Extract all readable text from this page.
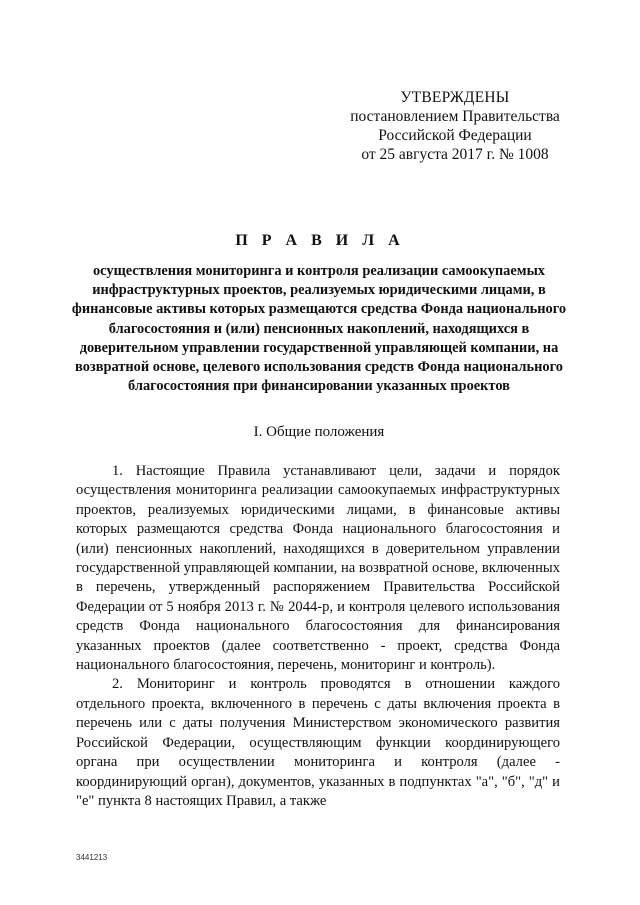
УТВЕРЖДЕНЫ
постановлением Правительства
Российской Федерации
от 25 августа 2017 г. № 1008
П Р А В И Л А
осуществления мониторинга и контроля реализации самоокупаемых инфраструктурных проектов, реализуемых юридическими лицами, в финансовые активы которых размещаются средства Фонда национального благосостояния и (или) пенсионных накоплений, находящихся в доверительном управлении государственной управляющей компании, на возвратной основе, целевого использования средств Фонда национального благосостояния при финансировании указанных проектов
I. Общие положения

1. Настоящие Правила устанавливают цели, задачи и порядок осуществления мониторинга реализации самоокупаемых инфраструктурных проектов, реализуемых юридическими лицами, в финансовые активы которых размещаются средства Фонда национального благосостояния и (или) пенсионных накоплений, находящихся в доверительном управлении государственной управляющей компании, на возвратной основе, включенных в перечень, утвержденный распоряжением Правительства Российской Федерации от 5 ноября 2013 г. № 2044-р, и контроля целевого использования средств Фонда национального благосостояния для финансирования указанных проектов (далее соответственно - проект, средства Фонда национального благосостояния, перечень, мониторинг и контроль).

2. Мониторинг и контроль проводятся в отношении каждого отдельного проекта, включенного в перечень с даты включения проекта в перечень или с даты получения Министерством экономического развития Российской Федерации, осуществляющим функции координирующего органа при осуществлении мониторинга и контроля (далее - координирующий орган), документов, указанных в подпунктах "а", "б", "д" и "е" пункта 8 настоящих Правил, а также

3441213
